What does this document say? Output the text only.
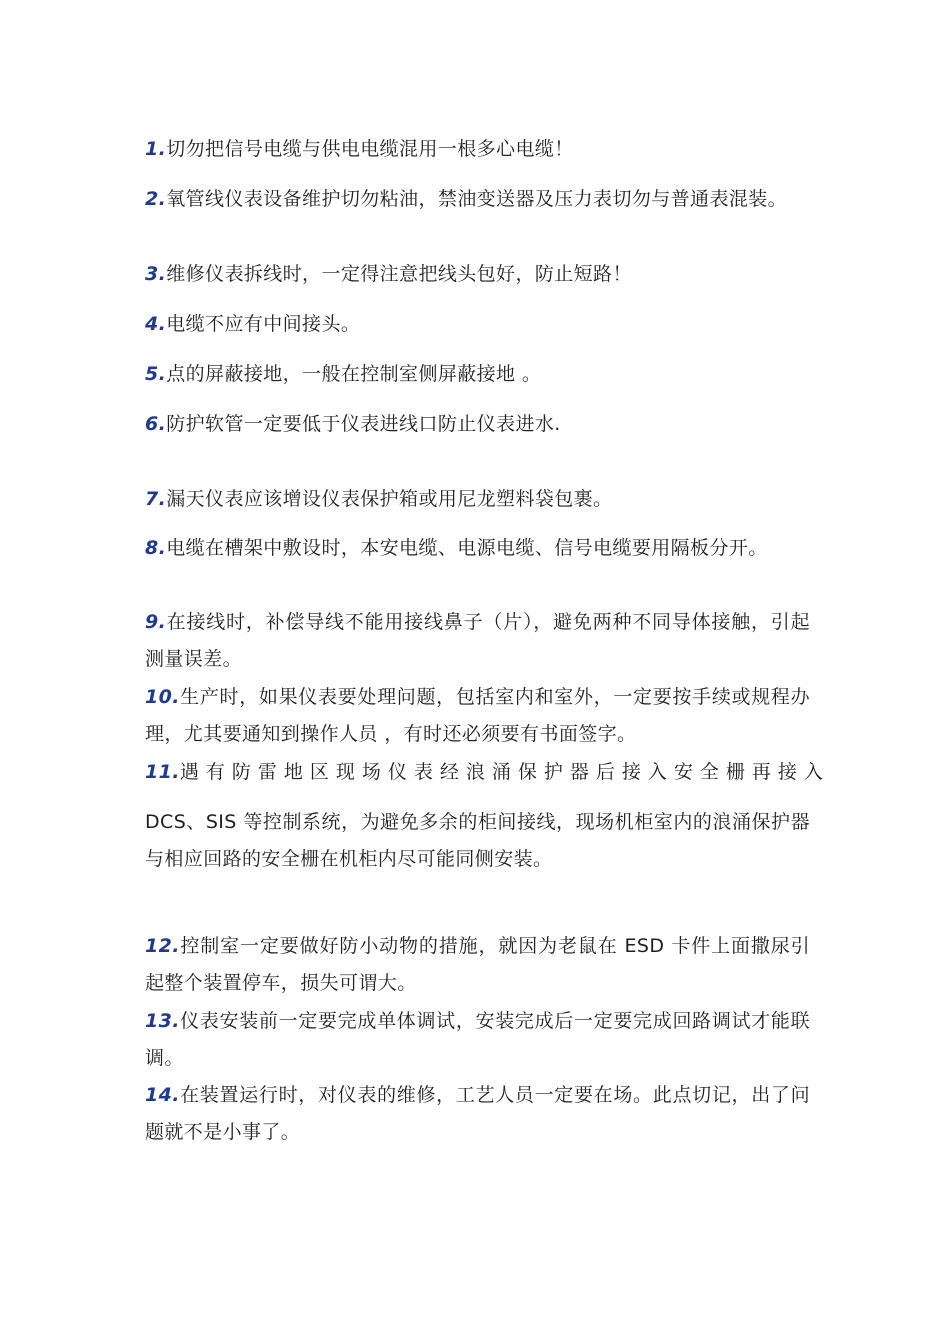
1.切勿把信号电缆与供电电缆混用一根多心电缆！
2.氧管线仪表设备维护切勿粘油，禁油变送器及压力表切勿与普通表混装。
3.维修仪表拆线时，一定得注意把线头包好，防止短路！
4.电缆不应有中间接头。
5.点的屏蔽接地，一般在控制室侧屏蔽接地 。
6.防护软管一定要低于仪表进线口防止仪表进水.
7.漏天仪表应该增设仪表保护箱或用尼龙塑料袋包裹。
8.电缆在槽架中敷设时，本安电缆、电源电缆、信号电缆要用隔板分开。
9.在接线时，补偿导线不能用接线鼻子（片），避免两种不同导体接触，引起测量误差。
10.生产时，如果仪表要处理问题，包括室内和室外，一定要按手续或规程办理，尤其要通知到操作人员 ，有时还必须要有书面签字。
11.遇有防雷地区现场仪表经浪涌保护器后接入安全栅再接入
DCS、SIS 等控制系统，为避免多余的柜间接线，现场机柜室内的浪涌保护器与相应回路的安全栅在机柜内尽可能同侧安装。
12.控制室一定要做好防小动物的措施，就因为老鼠在 ESD 卡件上面撒尿引起整个装置停车，损失可谓大。
13.仪表安装前一定要完成单体调试，安装完成后一定要完成回路调试才能联调。
14.在装置运行时，对仪表的维修，工艺人员一定要在场。此点切记，出了问题就不是小事了。
